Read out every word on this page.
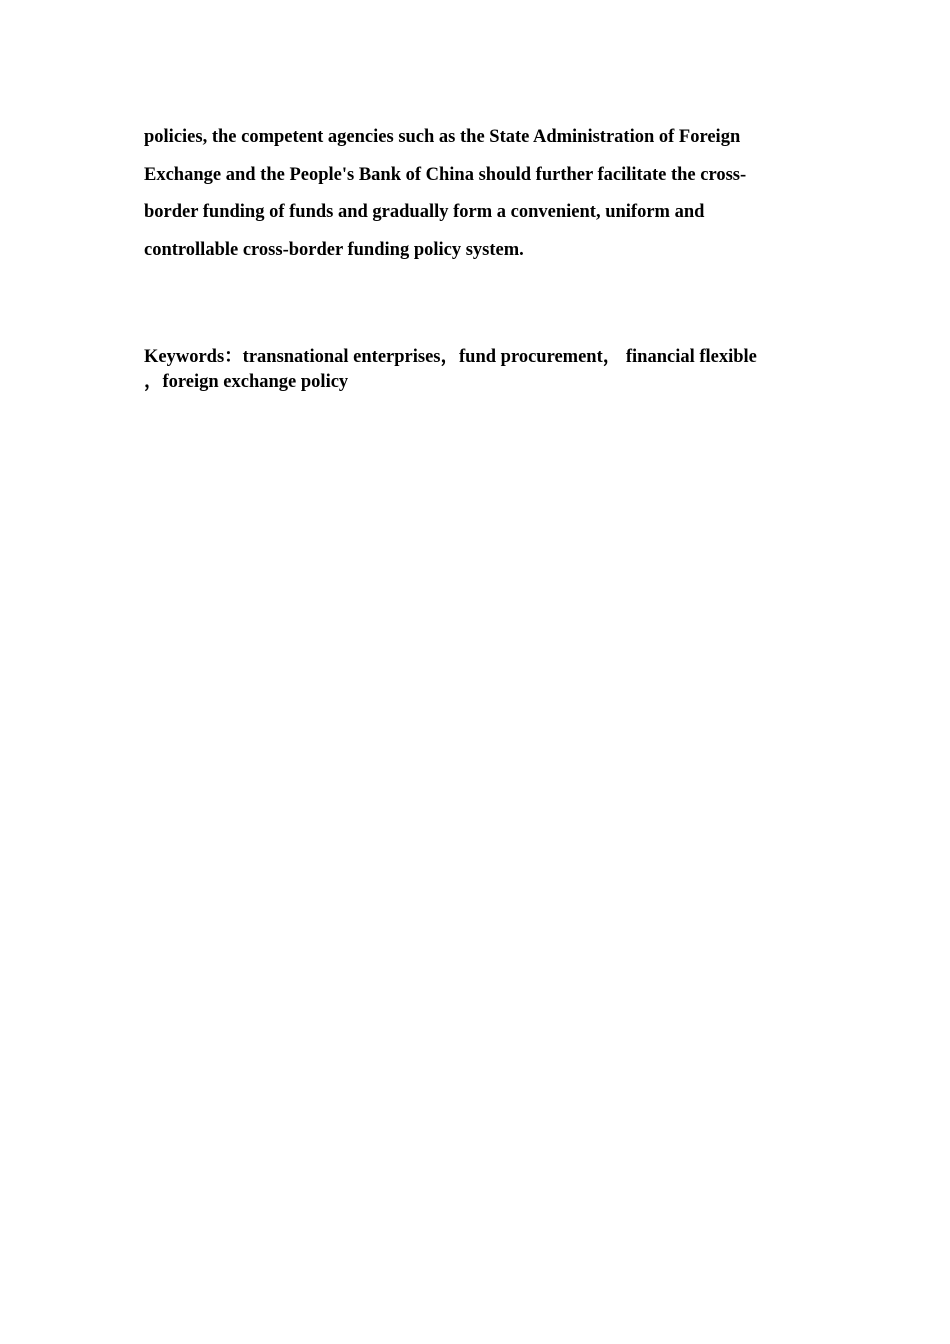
policies, the competent agencies such as the State Administration of Foreign
Exchange and the People's Bank of China should further facilitate the cross-
border funding of funds and gradually form a convenient, uniform and
controllable cross-border funding policy system.
Keywords：transnational enterprises，fund procurement， financial flexible
，foreign exchange policy
